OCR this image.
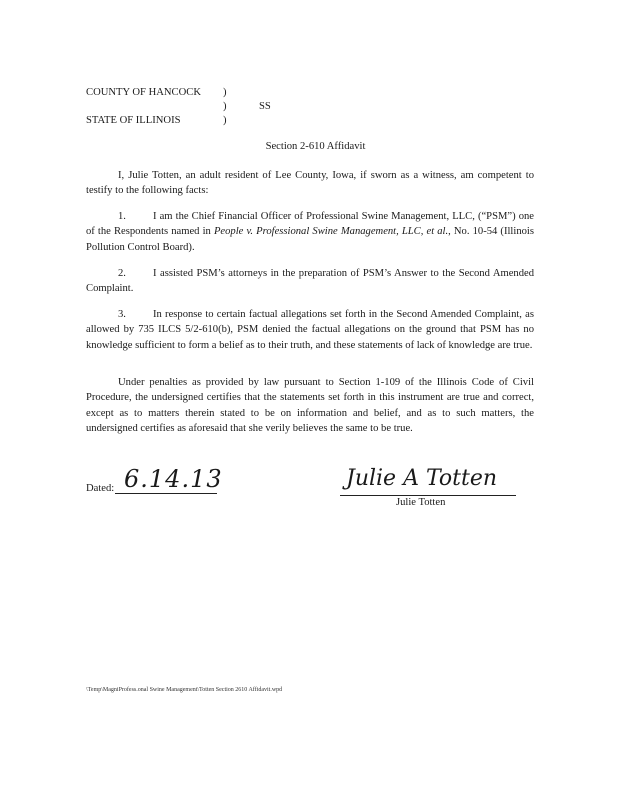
COUNTY OF HANCOCK )
)	SS
STATE OF ILLINOIS	)
Section 2-610 Affidavit
I, Julie Totten, an adult resident of Lee County, Iowa, if sworn as a witness, am competent to testify to the following facts:
1.	I am the Chief Financial Officer of Professional Swine Management, LLC, (“PSM”) one of the Respondents named in People v. Professional Swine Management, LLC, et al., No. 10-54 (Illinois Pollution Control Board).
2.	I assisted PSM’s attorneys in the preparation of PSM’s Answer to the Second Amended Complaint.
3.	In response to certain factual allegations set forth in the Second Amended Complaint, as allowed by 735 ILCS 5/2-610(b), PSM denied the factual allegations on the ground that PSM has no knowledge sufficient to form a belief as to their truth, and these statements of lack of knowledge are true.
Under penalties as provided by law pursuant to Section 1-109 of the Illinois Code of Civil Procedure, the undersigned certifies that the statements set forth in this instrument are true and correct, except as to matters therein stated to be on information and belief, and as to such matters, the undersigned certifies as aforesaid that she verily believes the same to be true.
Dated: 6.14.13	Julie A Totten
Julie Totten
\Temp\MagniProfess.onal Swine Management\Totten Section 2610 Affidavit.wpd
